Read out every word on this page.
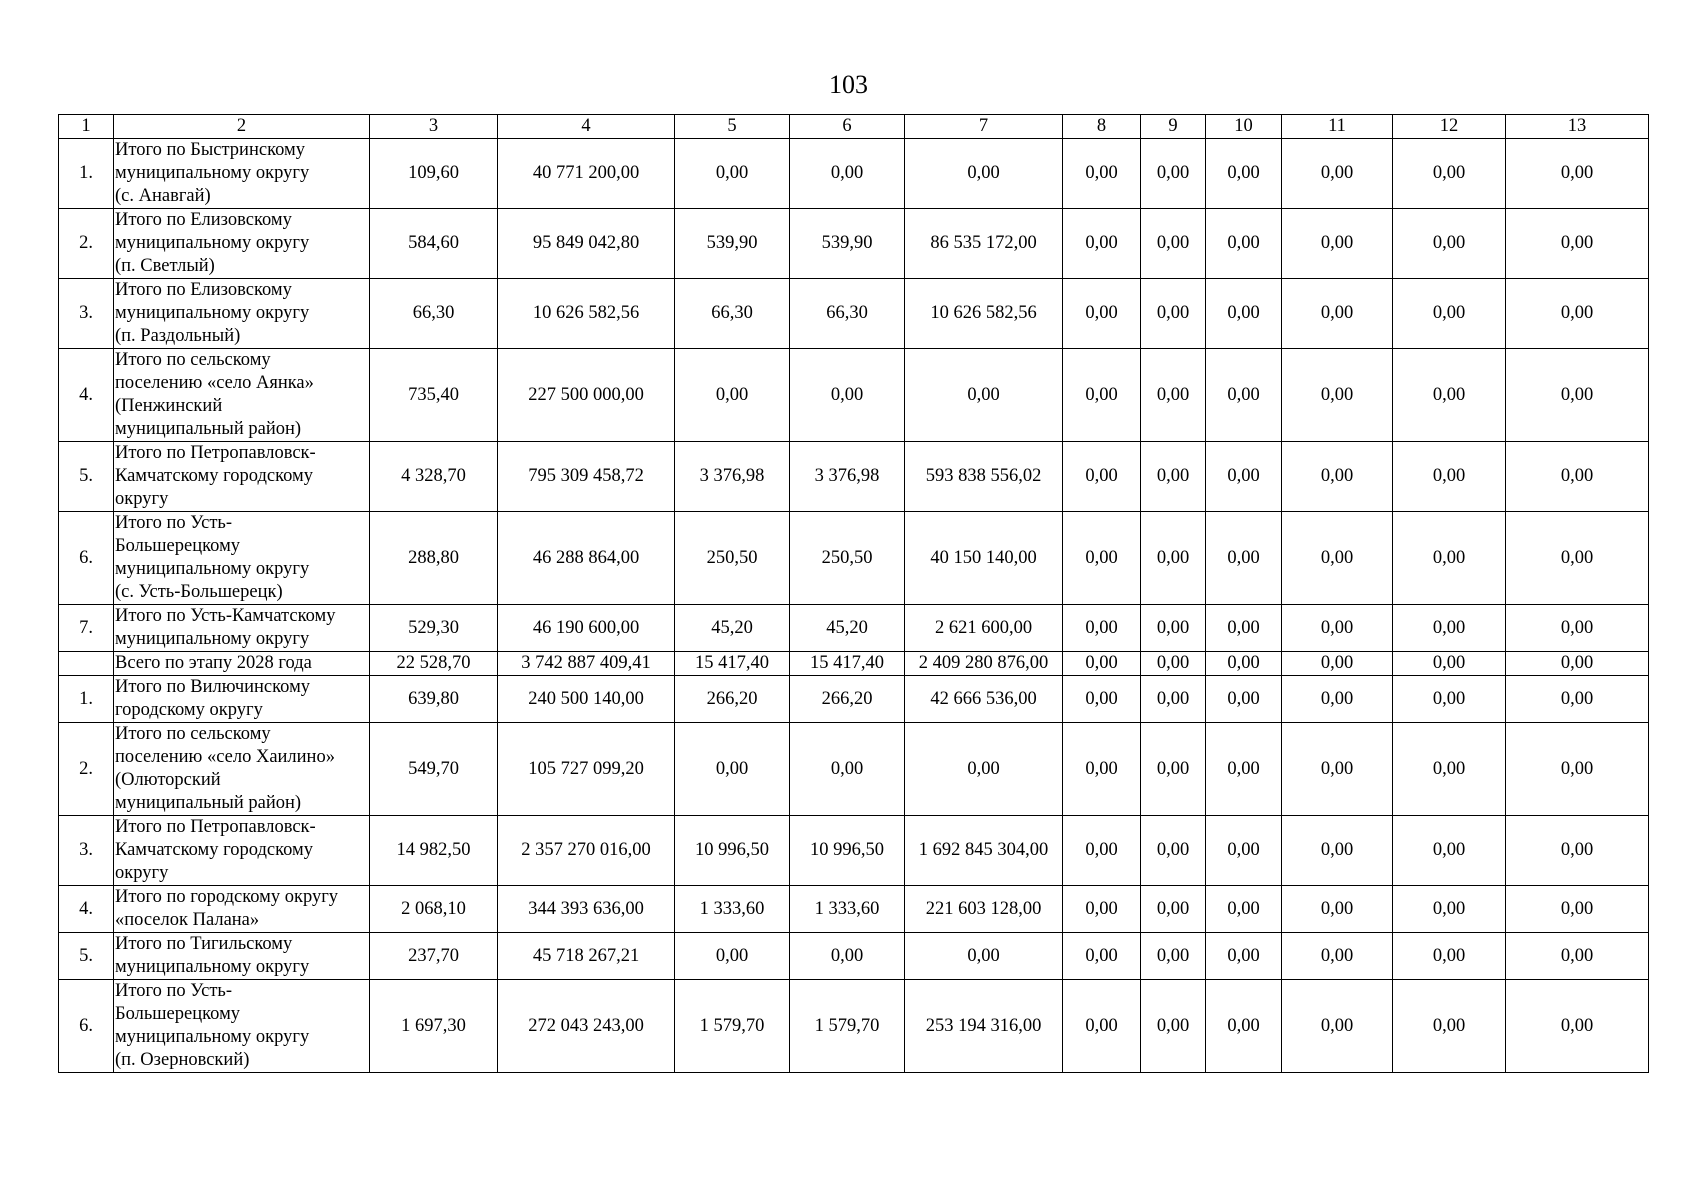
103
1	2	3	4	5	6	7	8	9	10	11	12	13
1.	Итого по Быстринскому
муниципальному округу
(с. Анавгай)	109,60	40 771 200,00	0,00	0,00	0,00	0,00	0,00	0,00	0,00	0,00	0,00
2.	Итого по Елизовскому
муниципальному округу
(п. Светлый)	584,60	95 849 042,80	539,90	539,90	86 535 172,00	0,00	0,00	0,00	0,00	0,00	0,00
3.	Итого по Елизовскому
муниципальному округу
(п. Раздольный)	66,30	10 626 582,56	66,30	66,30	10 626 582,56	0,00	0,00	0,00	0,00	0,00	0,00
4.	Итого по сельскому
поселению «село Аянка»
(Пенжинский
муниципальный район)	735,40	227 500 000,00	0,00	0,00	0,00	0,00	0,00	0,00	0,00	0,00	0,00
5.	Итого по Петропавловск-
Камчатскому городскому
округу	4 328,70	795 309 458,72	3 376,98	3 376,98	593 838 556,02	0,00	0,00	0,00	0,00	0,00	0,00
6.	Итого по Усть-
Большерецкому
муниципальному округу
(с. Усть-Большерецк)	288,80	46 288 864,00	250,50	250,50	40 150 140,00	0,00	0,00	0,00	0,00	0,00	0,00
7.	Итого по Усть-Камчатскому
муниципальному округу	529,30	46 190 600,00	45,20	45,20	2 621 600,00	0,00	0,00	0,00	0,00	0,00	0,00
	Всего по этапу 2028 года	22 528,70	3 742 887 409,41	15 417,40	15 417,40	2 409 280 876,00	0,00	0,00	0,00	0,00	0,00	0,00
1.	Итого по Вилючинскому
городскому округу	639,80	240 500 140,00	266,20	266,20	42 666 536,00	0,00	0,00	0,00	0,00	0,00	0,00
2.	Итого по сельскому
поселению «село Хаилино»
(Олюторский
муниципальный район)	549,70	105 727 099,20	0,00	0,00	0,00	0,00	0,00	0,00	0,00	0,00	0,00
3.	Итого по Петропавловск-
Камчатскому городскому
округу	14 982,50	2 357 270 016,00	10 996,50	10 996,50	1 692 845 304,00	0,00	0,00	0,00	0,00	0,00	0,00
4.	Итого по городскому округу
«поселок Палана»	2 068,10	344 393 636,00	1 333,60	1 333,60	221 603 128,00	0,00	0,00	0,00	0,00	0,00	0,00
5.	Итого по Тигильскому
муниципальному округу	237,70	45 718 267,21	0,00	0,00	0,00	0,00	0,00	0,00	0,00	0,00	0,00
6.	Итого по Усть-
Большерецкому
муниципальному округу
(п. Озерновский)	1 697,30	272 043 243,00	1 579,70	1 579,70	253 194 316,00	0,00	0,00	0,00	0,00	0,00	0,00
